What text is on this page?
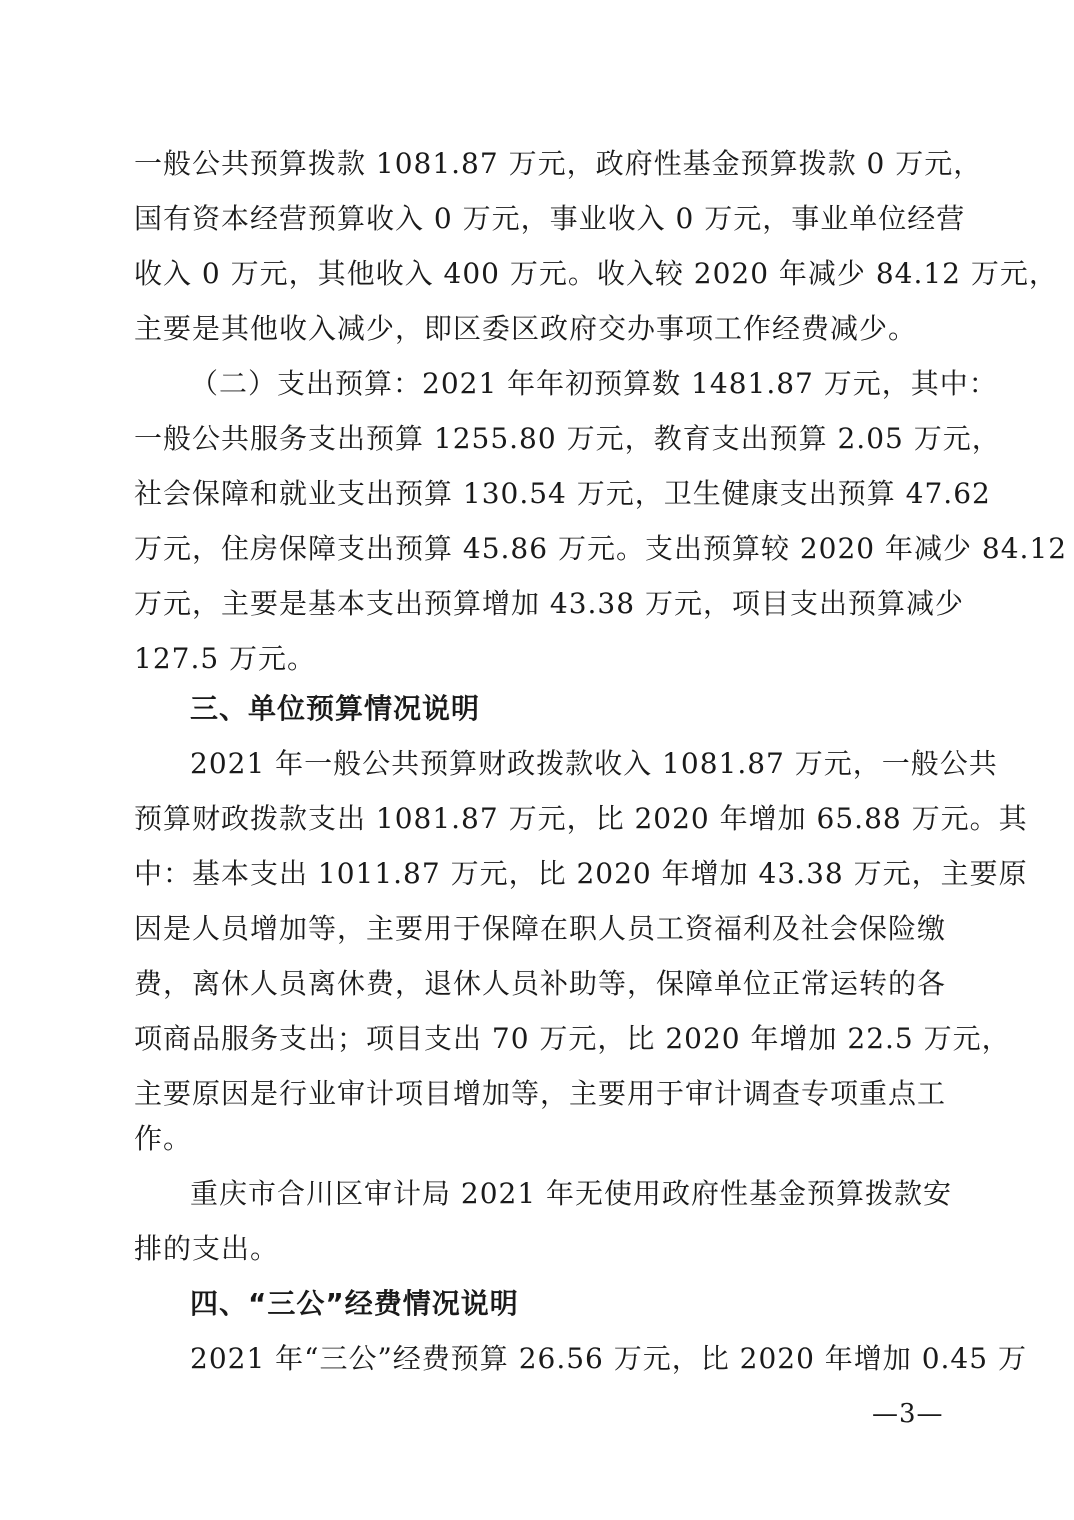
一般公共预算拨款 1081.87 万元，政府性基金预算拨款 0 万元，
国有资本经营预算收入 0 万元，事业收入 0 万元，事业单位经营
收入 0 万元，其他收入 400 万元。收入较 2020 年减少 84.12 万元，
主要是其他收入减少，即区委区政府交办事项工作经费减少。
（二）支出预算：2021 年年初预算数 1481.87 万元，其中：
一般公共服务支出预算 1255.80 万元，教育支出预算 2.05 万元，
社会保障和就业支出预算 130.54 万元，卫生健康支出预算 47.62
万元，住房保障支出预算 45.86 万元。支出预算较 2020 年减少 84.12
万元，主要是基本支出预算增加 43.38 万元，项目支出预算减少
127.5 万元。
三、单位预算情况说明
2021 年一般公共预算财政拨款收入 1081.87 万元，一般公共
预算财政拨款支出 1081.87 万元，比 2020 年增加 65.88 万元。其
中：基本支出 1011.87 万元，比 2020 年增加 43.38 万元，主要原
因是人员增加等，主要用于保障在职人员工资福利及社会保险缴
费，离休人员离休费，退休人员补助等，保障单位正常运转的各
项商品服务支出；项目支出 70 万元，比 2020 年增加 22.5 万元，
主要原因是行业审计项目增加等，主要用于审计调查专项重点工
作。
重庆市合川区审计局 2021 年无使用政府性基金预算拨款安
排的支出。
四、“三公”经费情况说明
2021 年“三公”经费预算 26.56 万元，比 2020 年增加 0.45 万
—3—
